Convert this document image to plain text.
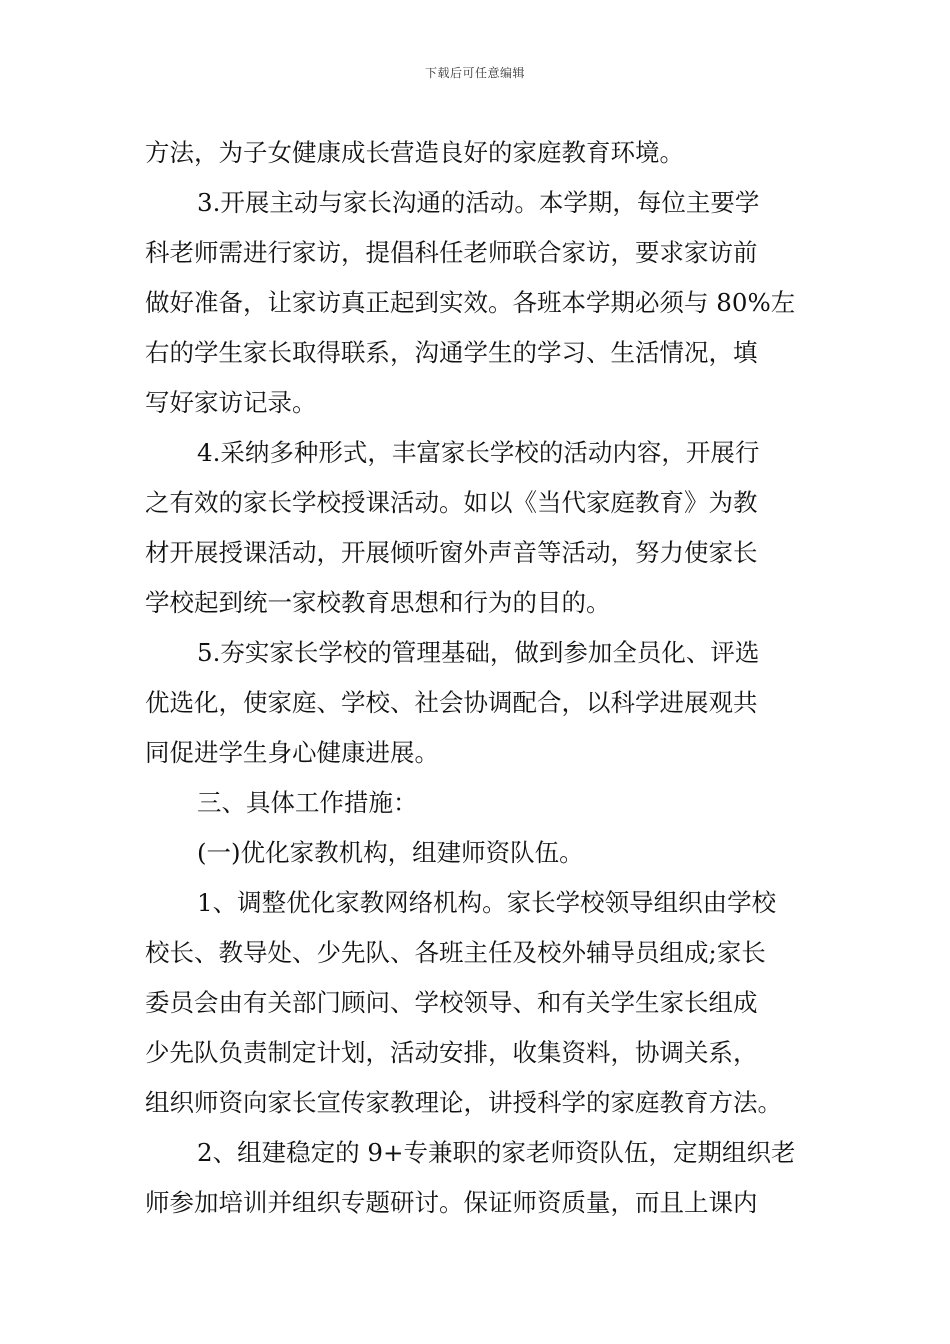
下载后可任意编辑
方法，为子女健康成长营造良好的家庭教育环境。
3.开展主动与家长沟通的活动。本学期，每位主要学
科老师需进行家访，提倡科任老师联合家访，要求家访前
做好准备，让家访真正起到实效。各班本学期必须与 80%左
右的学生家长取得联系，沟通学生的学习、生活情况，填
写好家访记录。
4.采纳多种形式，丰富家长学校的活动内容，开展行
之有效的家长学校授课活动。如以《当代家庭教育》为教
材开展授课活动，开展倾听窗外声音等活动，努力使家长
学校起到统一家校教育思想和行为的目的。
5.夯实家长学校的管理基础，做到参加全员化、评选
优选化，使家庭、学校、社会协调配合，以科学进展观共
同促进学生身心健康进展。
三、具体工作措施：
(一)优化家教机构，组建师资队伍。
1、调整优化家教网络机构。家长学校领导组织由学校
校长、教导处、少先队、各班主任及校外辅导员组成;家长
委员会由有关部门顾问、学校领导、和有关学生家长组成
少先队负责制定计划，活动安排，收集资料，协调关系，
组织师资向家长宣传家教理论，讲授科学的家庭教育方法。
2、组建稳定的 9+专兼职的家老师资队伍，定期组织老
师参加培训并组织专题研讨。保证师资质量，而且上课内
